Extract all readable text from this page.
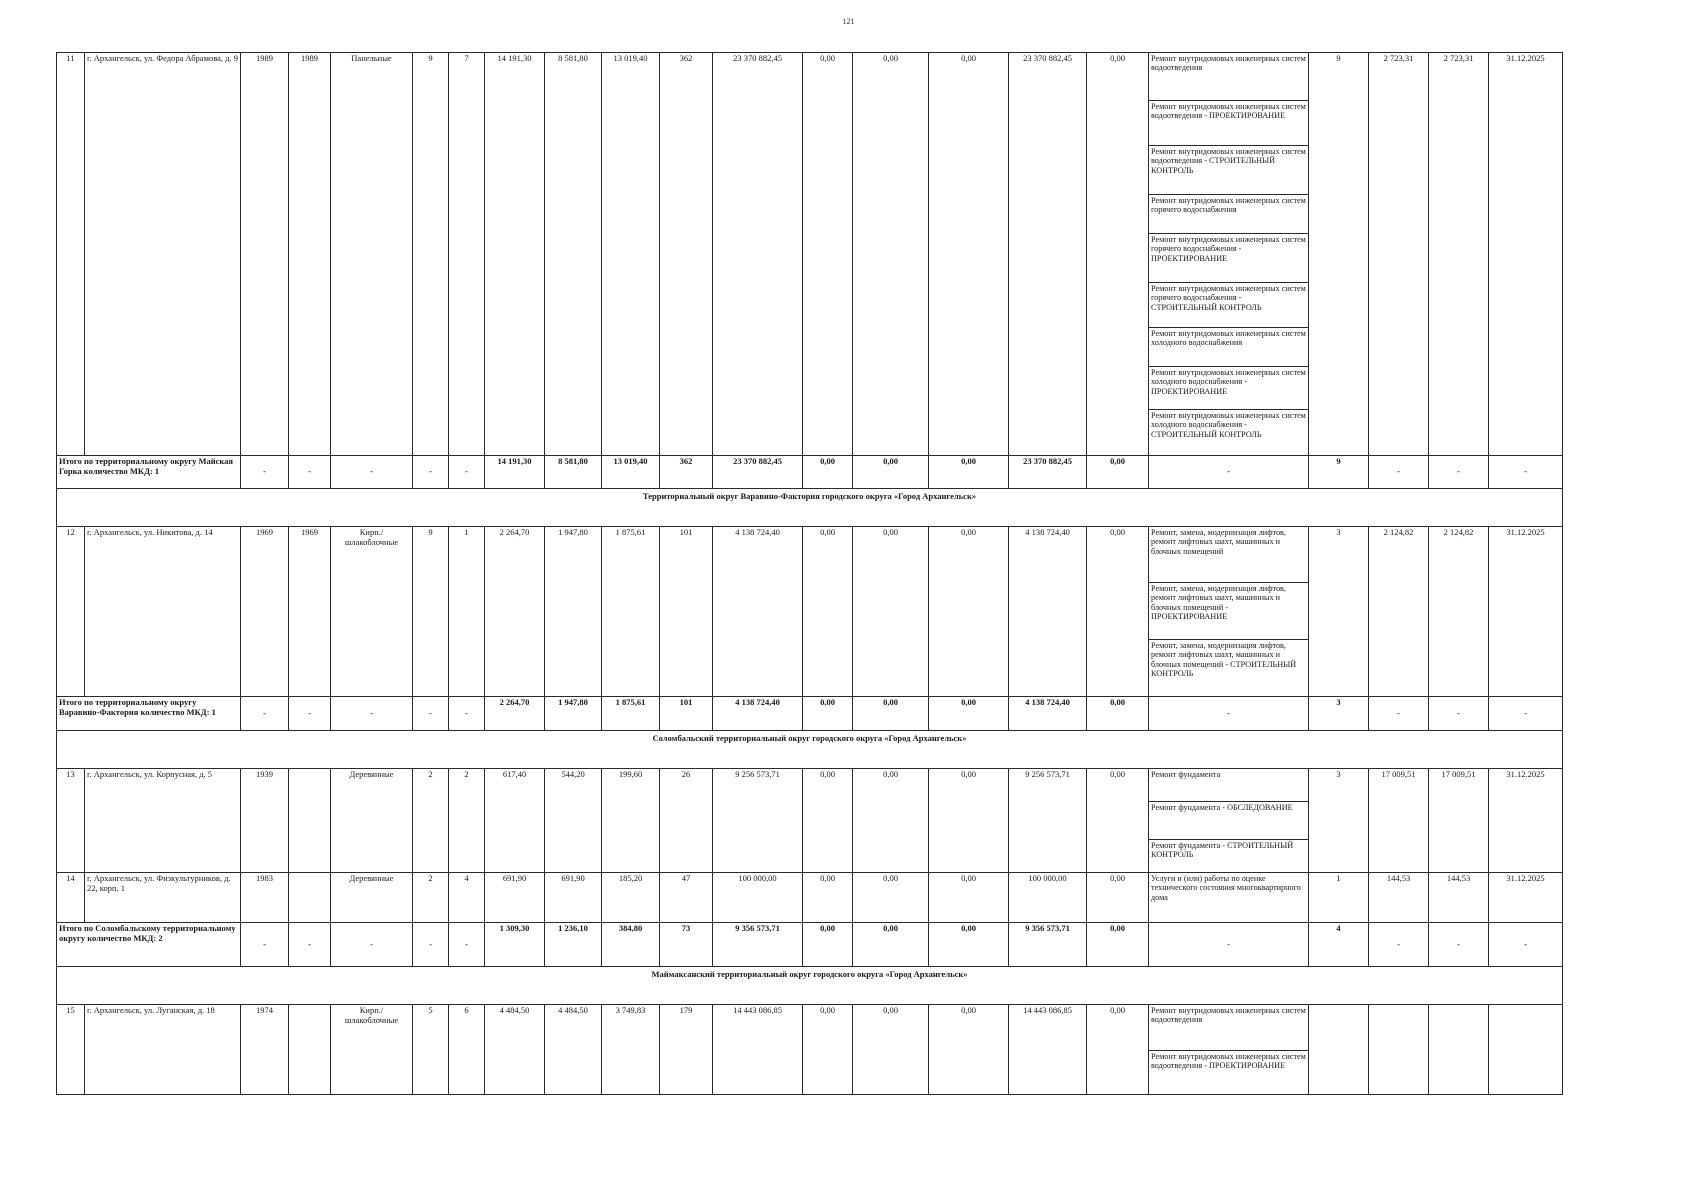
121
11	г. Архангельск, ул. Федора Абрамова, д. 9	1989	1989	Панельные	9	7	14 191,30	8 581,80	13 019,40	362	23 370 882,45	0,00	0,00	0,00	23 370 882,45	0,00	Ремонт внутридомовых инженерных систем водоотведения	9	2 723,31	2 723,31	31.12.2025
																	Ремонт внутридомовых инженерных систем водоотведения - ПРОЕКТИРОВАНИЕ				
																	Ремонт внутридомовых инженерных систем водоотведения - СТРОИТЕЛЬНЫЙ КОНТРОЛЬ				
																	Ремонт внутридомовых инженерных систем горячего водоснабжения				
																	Ремонт внутридомовых инженерных систем горячего водоснабжения - ПРОЕКТИРОВАНИЕ				
																	Ремонт внутридомовых инженерных систем горячего водоснабжения - СТРОИТЕЛЬНЫЙ КОНТРОЛЬ				
																	Ремонт внутридомовых инженерных систем холодного водоснабжения				
																	Ремонт внутридомовых инженерных систем холодного водоснабжения - ПРОЕКТИРОВАНИЕ				
																	Ремонт внутридомовых инженерных систем холодного водоснабжения - СТРОИТЕЛЬНЫЙ КОНТРОЛЬ				
Итого по территориальному округу Майская Горка количество МКД: 1		-	-	-	-	-	14 191,30	8 581,80	13 019,40	362	23 370 882,45	0,00	0,00	0,00	23 370 882,45	0,00	-	9	-	-	-
Территориальный округ Варавино-Фактория городского округа «Город Архангельск»																					
12	г. Архангельск, ул. Никитова, д. 14	1969	1969	Кирп./ шлакоблочные	9	1	2 264,70	1 947,80	1 875,61	101	4 138 724,40	0,00	0,00	0,00	4 138 724,40	0,00	Ремонт, замена, модернизация лифтов, ремонт лифтовых шахт, машинных и блочных помещений	3	2 124,82	2 124,82	31.12.2025
																	Ремонт, замена, модернизация лифтов, ремонт лифтовых шахт, машинных и блочных помещений - ПРОЕКТИРОВАНИЕ				
																	Ремонт, замена, модернизация лифтов, ремонт лифтовых шахт, машинных и блочных помещений - СТРОИТЕЛЬНЫЙ КОНТРОЛЬ				
Итого по территориальному округу Варавино-Фактория количество МКД: 1		-	-	-	-	-	2 264,70	1 947,80	1 875,61	101	4 138 724,40	0,00	0,00	0,00	4 138 724,40	0,00	-	3	-	-	-
Соломбальский территориальный округ городского округа «Город Архангельск»																					
13	г. Архангельск, ул. Корпусная, д. 5	1939		Деревянные	2	2	617,40	544,20	199,60	26	9 256 573,71	0,00	0,00	0,00	9 256 573,71	0,00	Ремонт фундамента	3	17 009,51	17 009,51	31.12.2025
																	Ремонт фундамента - ОБСЛЕДОВАНИЕ				
																	Ремонт фундамента - СТРОИТЕЛЬНЫЙ КОНТРОЛЬ				
14	г. Архангельск, ул. Физкультурников, д. 22, корп. 1	1983		Деревянные	2	4	691,90	691,90	185,20	47	100 000,00	0,00	0,00	0,00	100 000,00	0,00	Услуги и (или) работы по оценке технического состояния многоквартирного дома	1	144,53	144,53	31.12.2025
Итого по Соломбальскому территориальному округу количество МКД: 2		-	-	-	-	-	1 309,30	1 236,10	384,80	73	9 356 573,71	0,00	0,00	0,00	9 356 573,71	0,00	-	4	-	-	-
Маймаксанский территориальный округ городского округа «Город Архангельск»																					
15	г. Архангельск, ул. Луганская, д. 18	1974		Кирп./ шлакоблочные	5	6	4 484,50	4 484,50	3 749,83	179	14 443 086,85	0,00	0,00	0,00	14 443 086,85	0,00	Ремонт внутридомовых инженерных систем водоотведения				
																	Ремонт внутридомовых инженерных систем водоотведения - ПРОЕКТИРОВАНИЕ				
